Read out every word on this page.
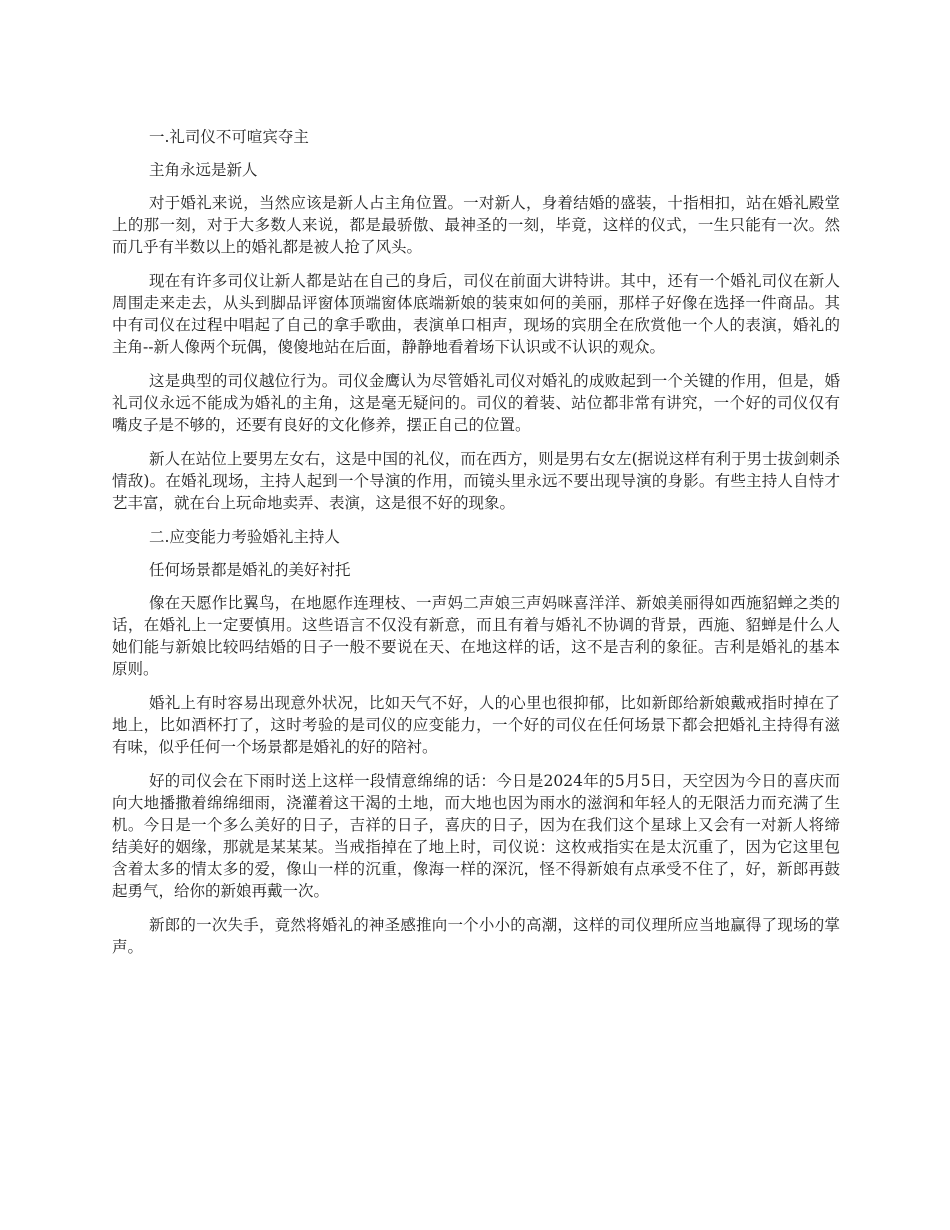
一.礼司仪不可喧宾夺主

主角永远是新人

对于婚礼来说，当然应该是新人占主角位置。一对新人，身着结婚的盛装，十指相扣，站在婚礼殿堂上的那一刻，对于大多数人来说，都是最骄傲、最神圣的一刻，毕竟，这样的仪式，一生只能有一次。然而几乎有半数以上的婚礼都是被人抢了风头。

现在有许多司仪让新人都是站在自己的身后，司仪在前面大讲特讲。其中，还有一个婚礼司仪在新人周围走来走去，从头到脚品评窗体顶端窗体底端新娘的装束如何的美丽，那样子好像在选择一件商品。其中有司仪在过程中唱起了自己的拿手歌曲，表演单口相声，现场的宾朋全在欣赏他一个人的表演，婚礼的主角--新人像两个玩偶，傻傻地站在后面，静静地看着场下认识或不认识的观众。

这是典型的司仪越位行为。司仪金鹰认为尽管婚礼司仪对婚礼的成败起到一个关键的作用，但是，婚礼司仪永远不能成为婚礼的主角，这是毫无疑问的。司仪的着装、站位都非常有讲究，一个好的司仪仅有嘴皮子是不够的，还要有良好的文化修养，摆正自己的位置。

新人在站位上要男左女右，这是中国的礼仪，而在西方，则是男右女左(据说这样有利于男士拔剑刺杀情敌)。在婚礼现场，主持人起到一个导演的作用，而镜头里永远不要出现导演的身影。有些主持人自恃才艺丰富，就在台上玩命地卖弄、表演，这是很不好的现象。

二.应变能力考验婚礼主持人

任何场景都是婚礼的美好衬托

像在天愿作比翼鸟，在地愿作连理枝、一声妈二声娘三声妈咪喜洋洋、新娘美丽得如西施貂蝉之类的话，在婚礼上一定要慎用。这些语言不仅没有新意，而且有着与婚礼不协调的背景，西施、貂蝉是什么人她们能与新娘比较吗结婚的日子一般不要说在天、在地这样的话，这不是吉利的象征。吉利是婚礼的基本原则。

婚礼上有时容易出现意外状况，比如天气不好，人的心里也很抑郁，比如新郎给新娘戴戒指时掉在了地上，比如酒杯打了，这时考验的是司仪的应变能力，一个好的司仪在任何场景下都会把婚礼主持得有滋有味，似乎任何一个场景都是婚礼的好的陪衬。

好的司仪会在下雨时送上这样一段情意绵绵的话：今日是2024年的5月5日，天空因为今日的喜庆而向大地播撒着绵绵细雨，浇灌着这干渴的土地，而大地也因为雨水的滋润和年轻人的无限活力而充满了生机。今日是一个多么美好的日子，吉祥的日子，喜庆的日子，因为在我们这个星球上又会有一对新人将缔结美好的姻缘，那就是某某某。当戒指掉在了地上时，司仪说：这枚戒指实在是太沉重了，因为它这里包含着太多的情太多的爱，像山一样的沉重，像海一样的深沉，怪不得新娘有点承受不住了，好，新郎再鼓起勇气，给你的新娘再戴一次。

新郎的一次失手，竟然将婚礼的神圣感推向一个小小的高潮，这样的司仪理所应当地赢得了现场的掌声。
